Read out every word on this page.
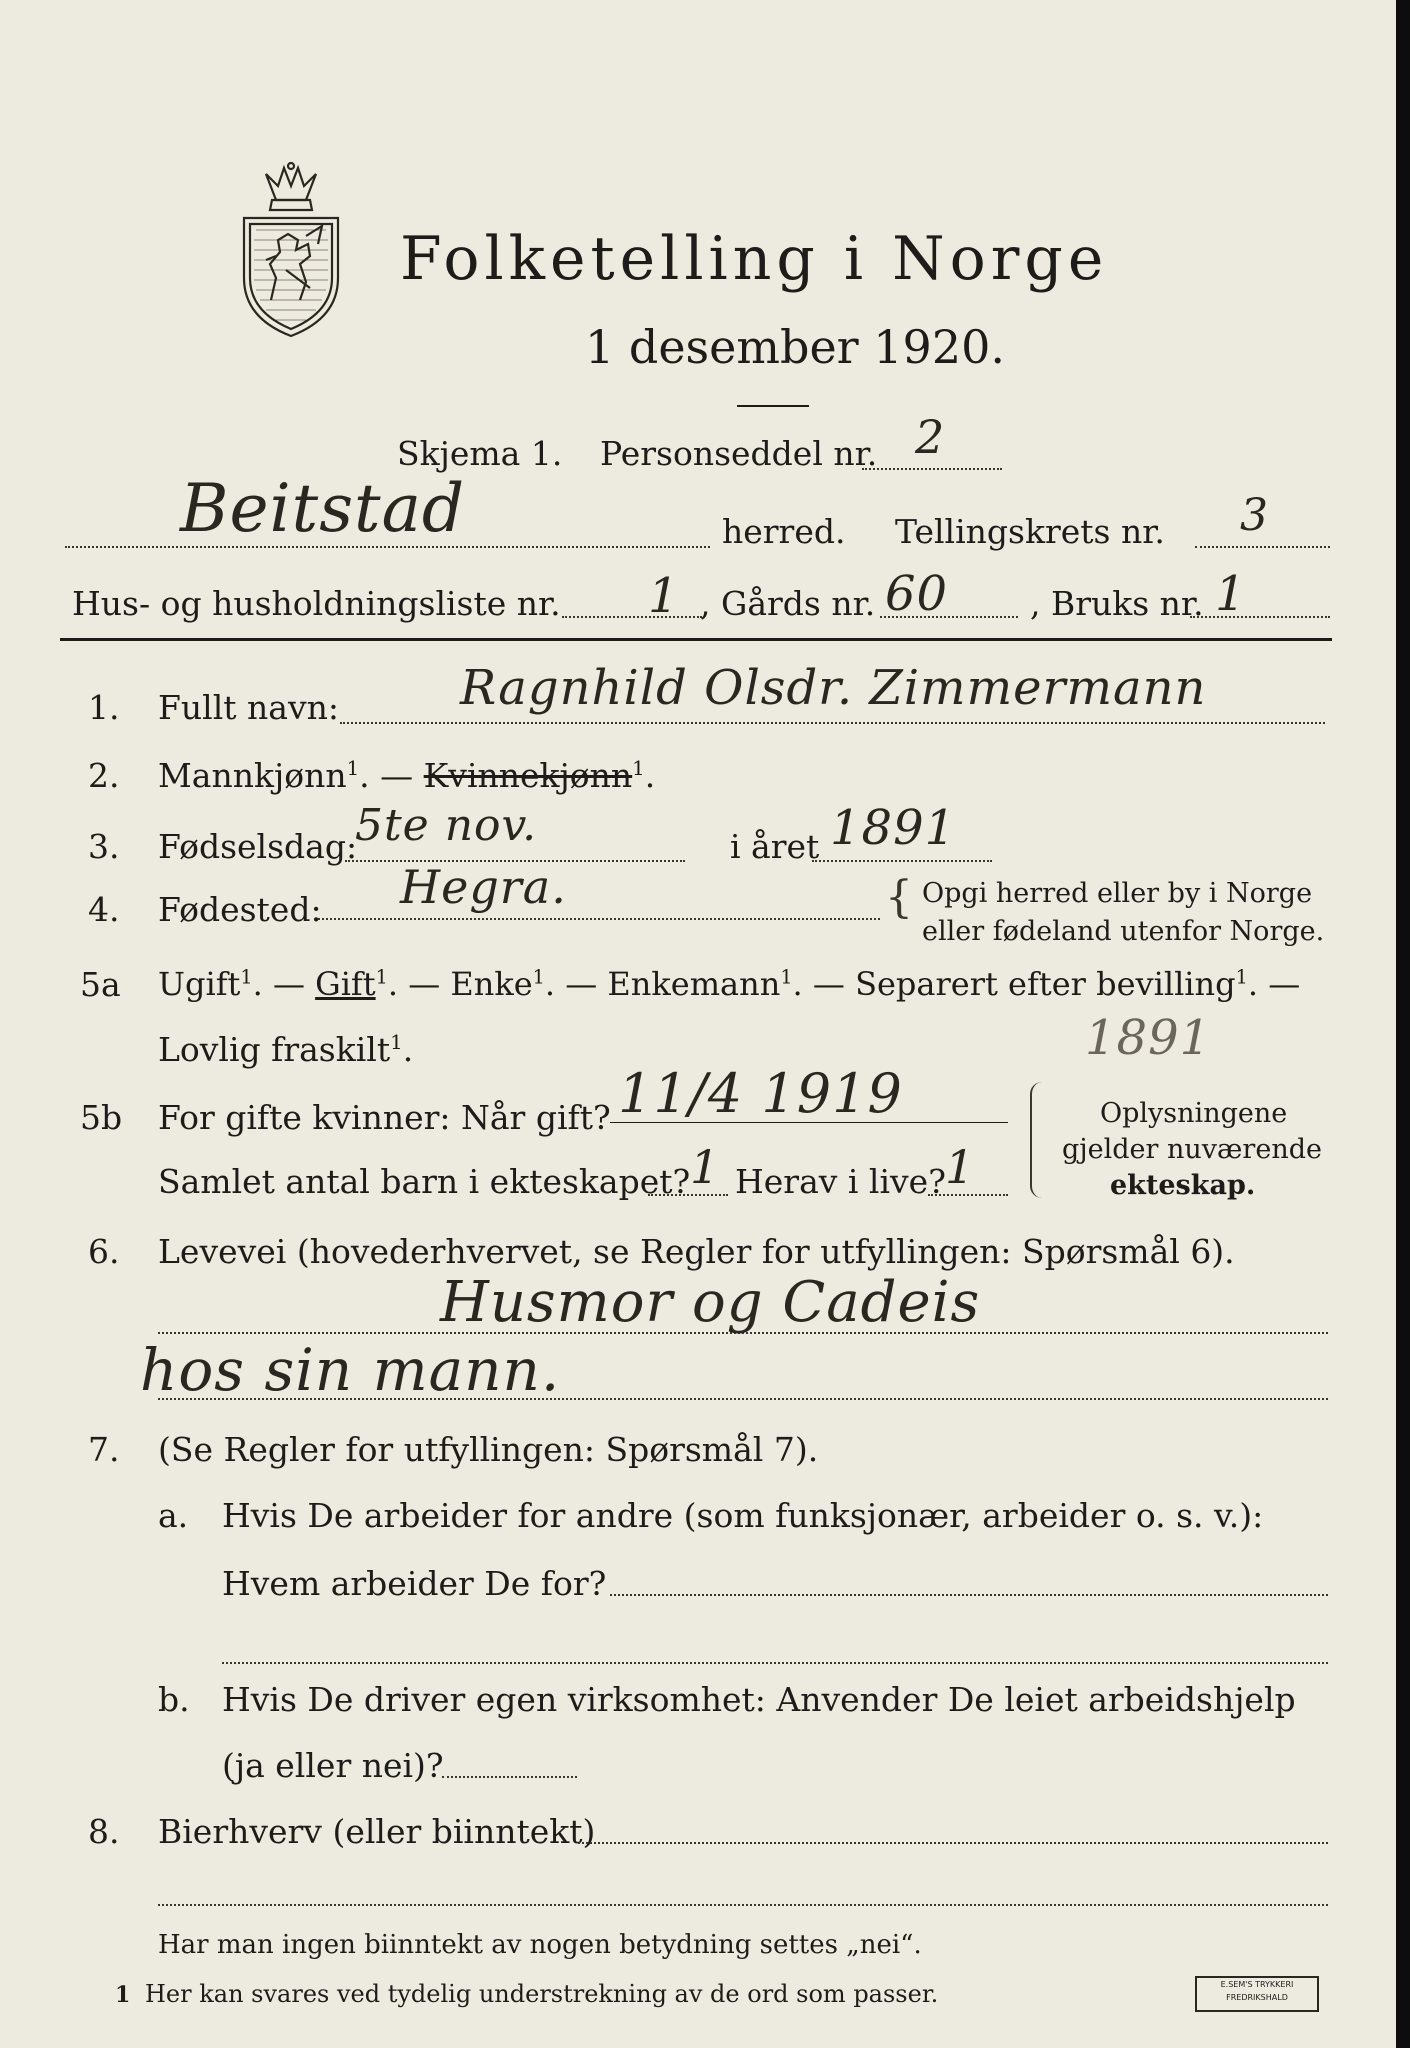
Folketelling i Norge
1 desember 1920.
Skjema 1. Personseddel nr. 2
Beitstad	herred. Tellingskrets nr. 3
Hus- og husholdningsliste nr. 1 , Gårds nr. 60 , Bruks nr. 1
1. Fullt navn:	Ragnhild Olsdr. Zimmermann
2. Mannkjønn$^1$. — Kvinnekjønn$^1$.
3. Fødselsdag:
5te nov.	i året 1891
4. Fødested: Hegra.	{ Opgi herred eller by i Norge
eller fødeland utenfor Norge.
5a Ugift$^1$. — Gift$^1$. — Enke$^1$. — Enkemann$^1$. — Separert efter bevilling$^1$. —
Lovlig fraskilt$^1$.	1891
5b For gifte kvinner: Når gift? 11/4 1919
Samlet antal barn i ekteskapet? 1 Herav i live? 1
Oplysningene
gjelder nuværende
ekteskap.
6. Levevei (hovederhvervet, se Regler for utfyllingen: Spørsmål 6).
Husmor og Cadeis
hos sin mann.
7. (Se Regler for utfyllingen: Spørsmål 7).
a. Hvis De arbeider for andre (som funksjonær, arbeider o. s. v.):
Hvem arbeider De for?
b. Hvis De driver egen virksomhet: Anvender De leiet arbeidshjelp
(ja eller nei)?
8. Bierhverv (eller biinntekt)
Har man ingen biinntekt av nogen betydning settes „nei“.
1 Her kan svares ved tydelig understrekning av de ord som passer.	E.SEM'S TRYKKERI FREDRIKSHALD
